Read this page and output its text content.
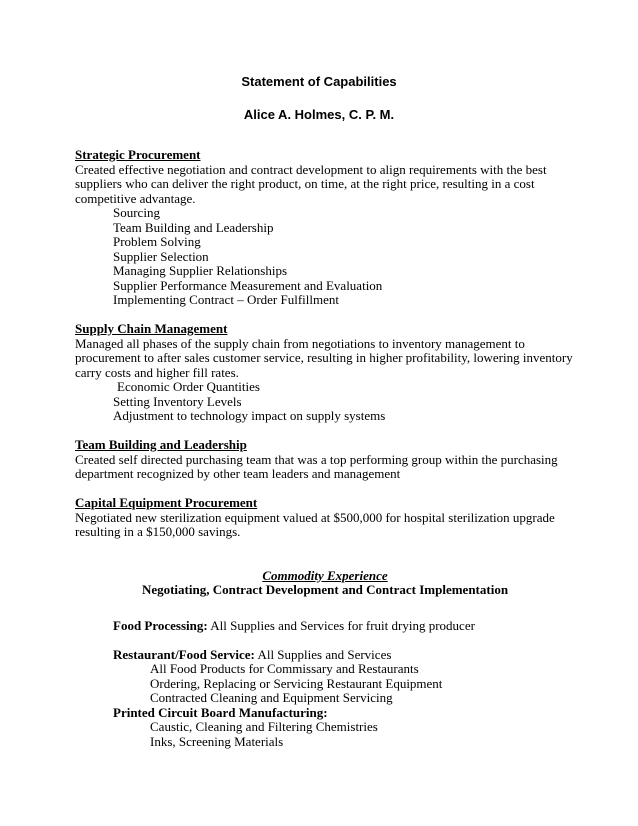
Statement of Capabilities
Alice A. Holmes, C. P. M.
Strategic Procurement

Created effective negotiation and contract development to align requirements with the best suppliers who can deliver the right product, on time, at the right price, resulting in a cost competitive advantage.

Sourcing
Team Building and Leadership
Problem Solving
Supplier Selection
Managing Supplier Relationships
Supplier Performance Measurement and Evaluation
Implementing Contract – Order Fulfillment
Supply Chain Management

Managed all phases of the supply chain from negotiations to inventory management to procurement to after sales customer service, resulting in higher profitability, lowering inventory carry costs and higher fill rates.

Economic Order Quantities
Setting Inventory Levels
Adjustment to technology impact on supply systems
Team Building and Leadership

Created self directed purchasing team that was a top performing group within the purchasing department recognized by other team leaders and management

Capital Equipment Procurement

Negotiated new sterilization equipment valued at $500,000 for hospital sterilization upgrade resulting in a $150,000 savings.

Commodity Experience
Negotiating, Contract Development and Contract Implementation
Food Processing: All Supplies and Services for fruit drying producer
Restaurant/Food Service: All Supplies and Services
All Food Products for Commissary and Restaurants
Ordering, Replacing or Servicing Restaurant Equipment
Contracted Cleaning and Equipment Servicing
Printed Circuit Board Manufacturing:
Caustic, Cleaning and Filtering Chemistries
Inks, Screening Materials
